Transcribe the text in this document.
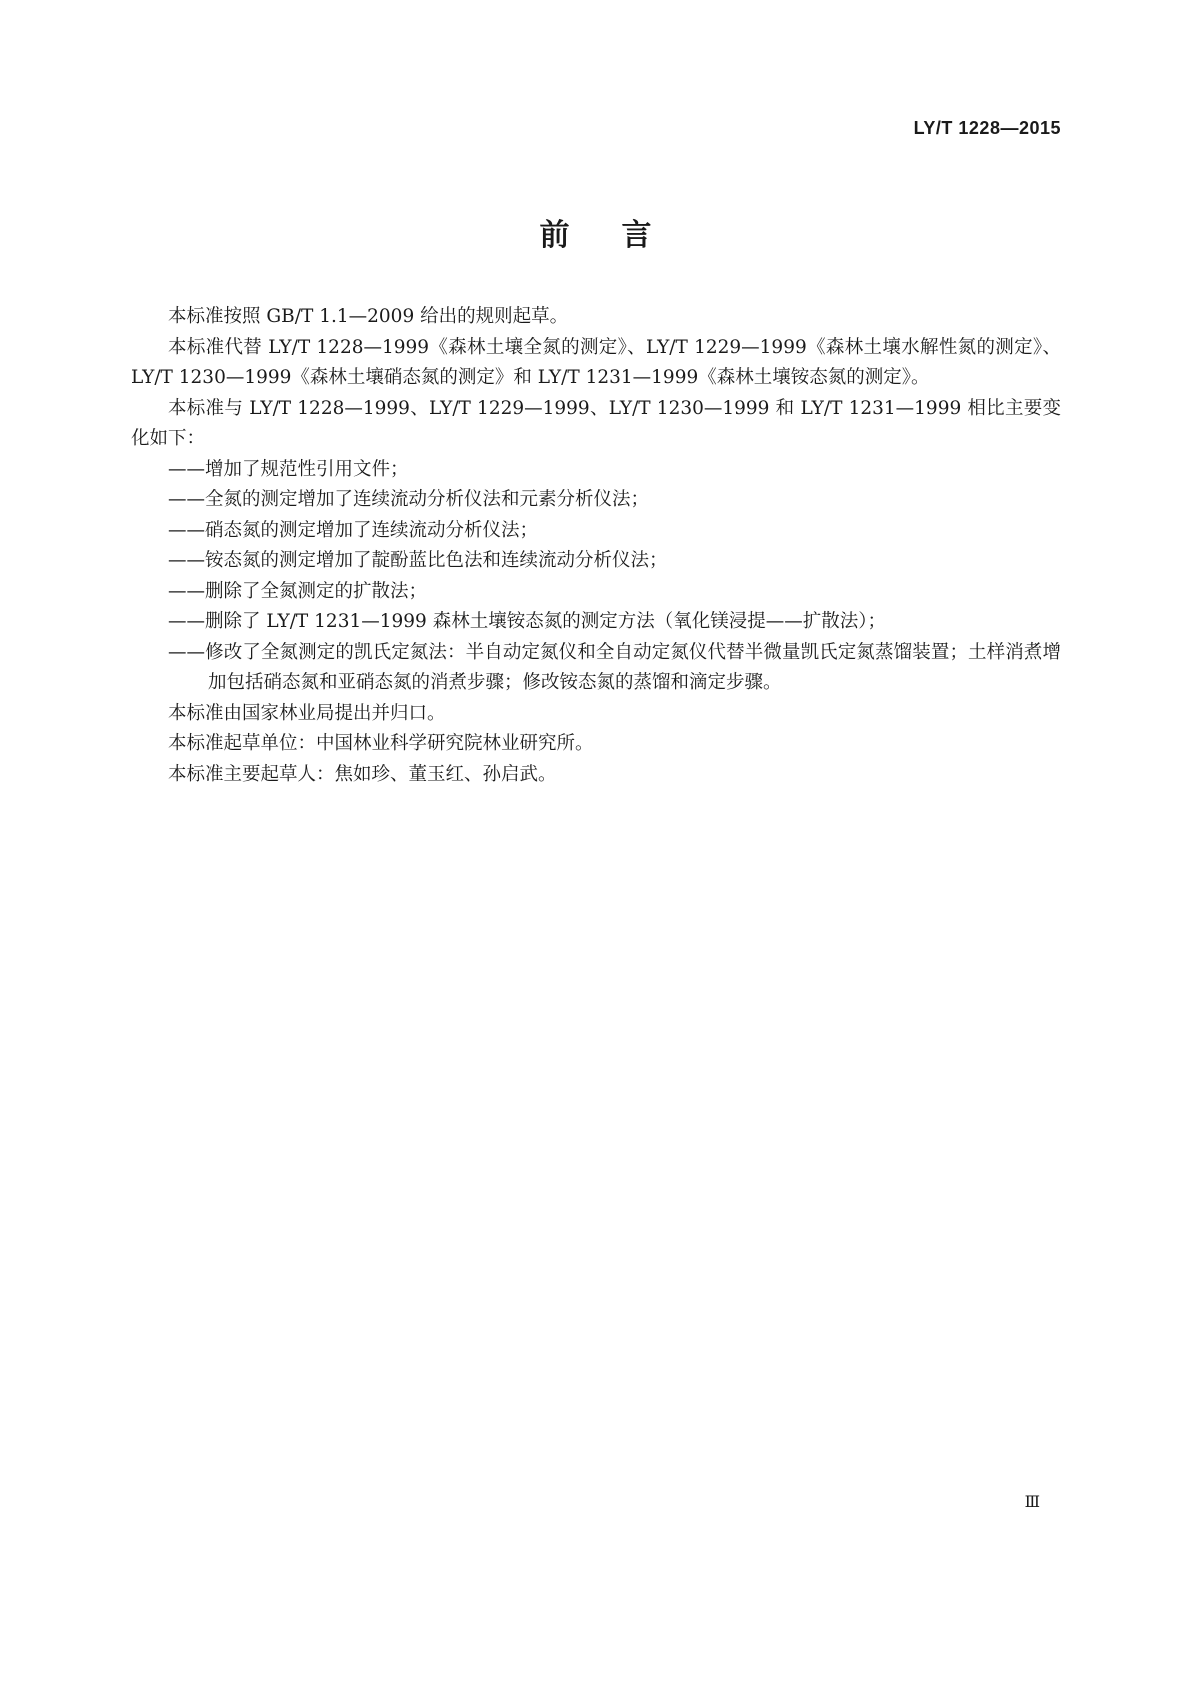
LY/T 1228—2015
前言

本标准按照 GB/T 1.1—2009 给出的规则起草。

本标准代替 LY/T 1228—1999《森林土壤全氮的测定》、LY/T 1229—1999《森林土壤水解性氮的测定》、LY/T 1230—1999《森林土壤硝态氮的测定》和 LY/T 1231—1999《森林土壤铵态氮的测定》。

本标准与 LY/T 1228—1999、LY/T 1229—1999、LY/T 1230—1999 和 LY/T 1231—1999 相比主要变化如下：

——增加了规范性引用文件；

——全氮的测定增加了连续流动分析仪法和元素分析仪法；

——硝态氮的测定增加了连续流动分析仪法；

——铵态氮的测定增加了靛酚蓝比色法和连续流动分析仪法；

——删除了全氮测定的扩散法；

——删除了 LY/T 1231—1999 森林土壤铵态氮的测定方法（氧化镁浸提——扩散法）；

——修改了全氮测定的凯氏定氮法：半自动定氮仪和全自动定氮仪代替半微量凯氏定氮蒸馏装置；土样消煮增加包括硝态氮和亚硝态氮的消煮步骤；修改铵态氮的蒸馏和滴定步骤。

本标准由国家林业局提出并归口。

本标准起草单位：中国林业科学研究院林业研究所。

本标准主要起草人：焦如珍、董玉红、孙启武。

Ⅲ
